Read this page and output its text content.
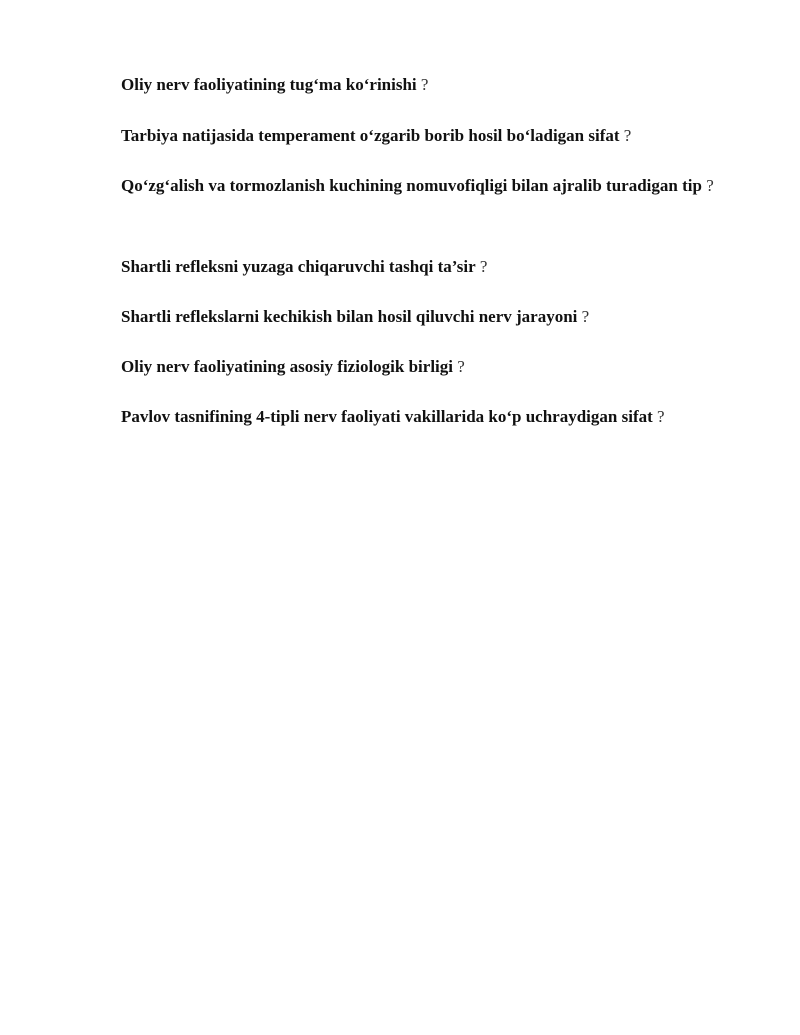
Oliy nerv faoliyatining tug‘ma ko‘rinishi ?

Tarbiya natijasida temperament o‘zgarib borib hosil bo‘ladigan sifat ?

Qo‘zg‘alish va tormozlanish kuchining nomuvofiqligi bilan ajralib turadigan tip ?

Shartli refleksni yuzaga chiqaruvchi tashqi ta’sir ?

Shartli reflekslarni kechikish bilan hosil qiluvchi nerv jarayoni ?

Oliy nerv faoliyatining asosiy fiziologik birligi ?

Pavlov tasnifining 4-tipli nerv faoliyati vakillarida ko‘p uchraydigan sifat ?
